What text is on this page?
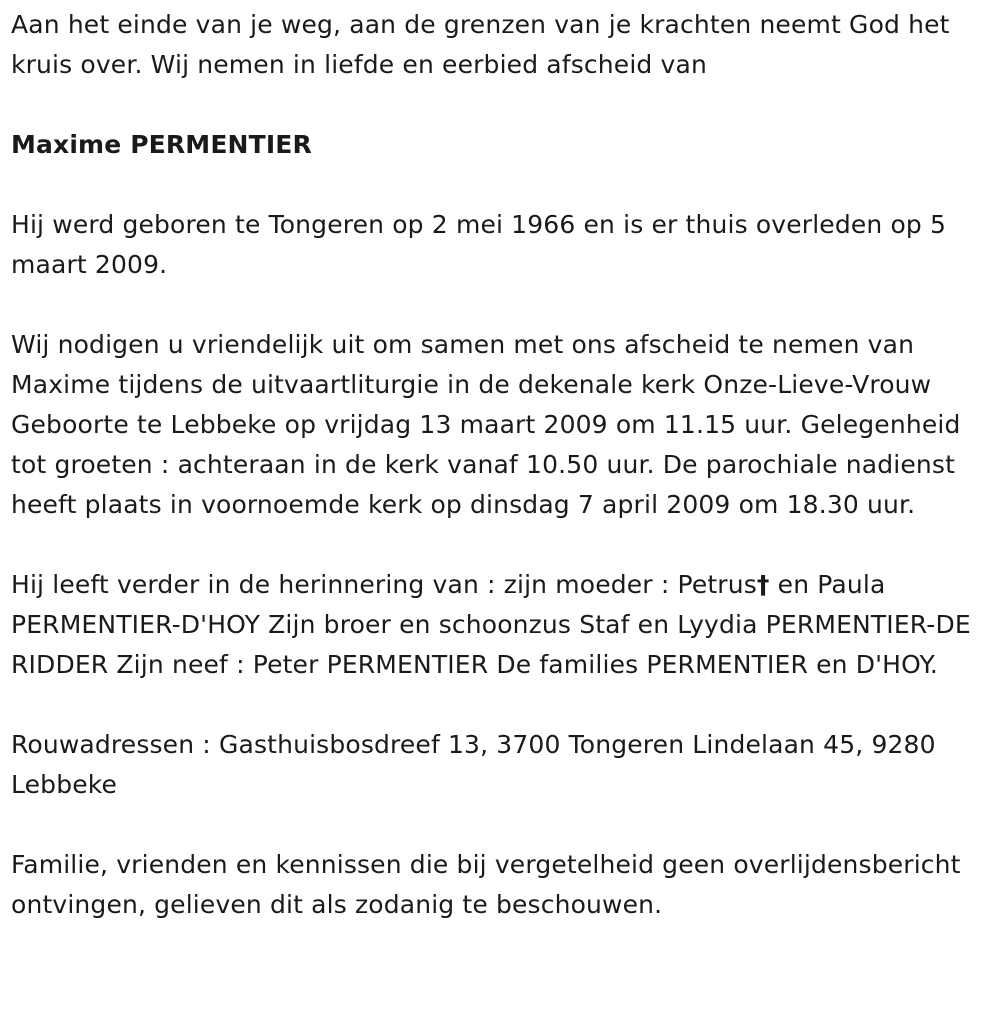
Aan het einde van je weg, aan de grenzen van je krachten neemt God het kruis over. Wij nemen in liefde en eerbied afscheid van

Maxime PERMENTIER

Hij werd geboren te Tongeren op 2 mei 1966 en is er thuis overleden op 5 maart 2009.

Wij nodigen u vriendelijk uit om samen met ons afscheid te nemen van Maxime tijdens de uitvaartliturgie in de dekenale kerk Onze-Lieve-Vrouw Geboorte te Lebbeke op vrijdag 13 maart 2009 om 11.15 uur. Gelegenheid tot groeten : achteraan in de kerk vanaf 10.50 uur. De parochiale nadienst heeft plaats in voornoemde kerk op dinsdag 7 april 2009 om 18.30 uur.

Hij leeft verder in de herinnering van : zijn moeder : Petrus† en Paula PERMENTIER-D'HOY Zijn broer en schoonzus Staf en Lyydia PERMENTIER-DE RIDDER Zijn neef : Peter PERMENTIER De families PERMENTIER en D'HOY.

Rouwadressen : Gasthuisbosdreef 13, 3700 Tongeren Lindelaan 45, 9280 Lebbeke

Familie, vrienden en kennissen die bij vergetelheid geen overlijdensbericht ontvingen, gelieven dit als zodanig te beschouwen.
